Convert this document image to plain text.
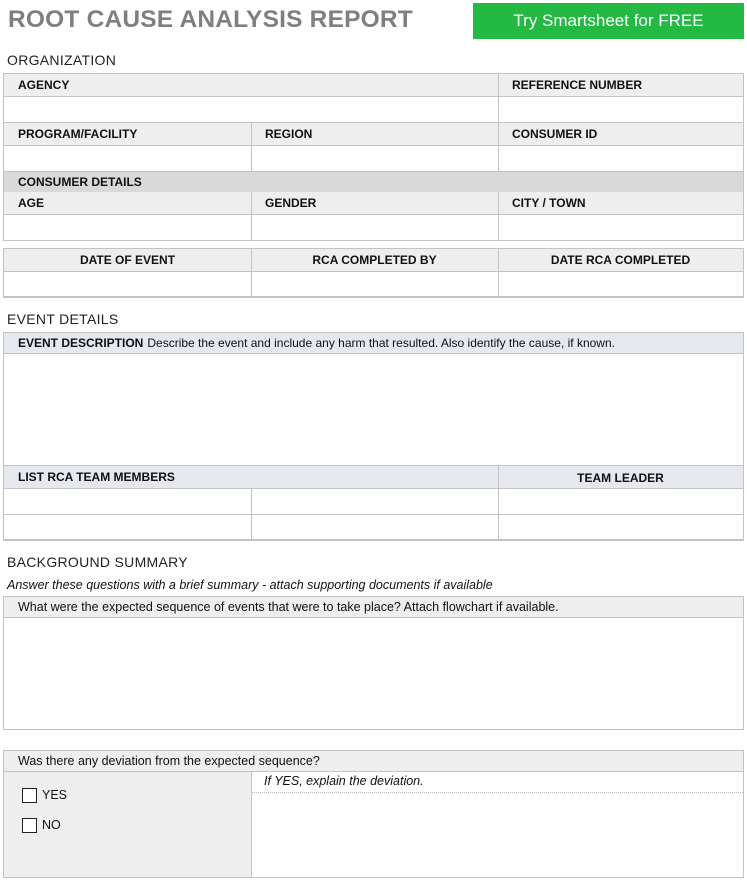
ROOT CAUSE ANALYSIS REPORT	Try Smartsheet for FREE
ORGANIZATION
AGENCY	REFERENCE NUMBER
PROGRAM/FACILITY	REGION	CONSUMER ID
CONSUMER DETAILS
AGE	GENDER	CITY / TOWN
DATE OF EVENT	RCA COMPLETED BY	DATE RCA COMPLETED
EVENT DETAILS
EVENT DESCRIPTION Describe the event and include any harm that resulted. Also identify the cause, if known.
LIST RCA TEAM MEMBERS	TEAM LEADER
BACKGROUND SUMMARY
Answer these questions with a brief summary - attach supporting documents if available
What were the expected sequence of events that were to take place? Attach flowchart if available.
Was there any deviation from the expected sequence?
YES
NO
If YES, explain the deviation.
